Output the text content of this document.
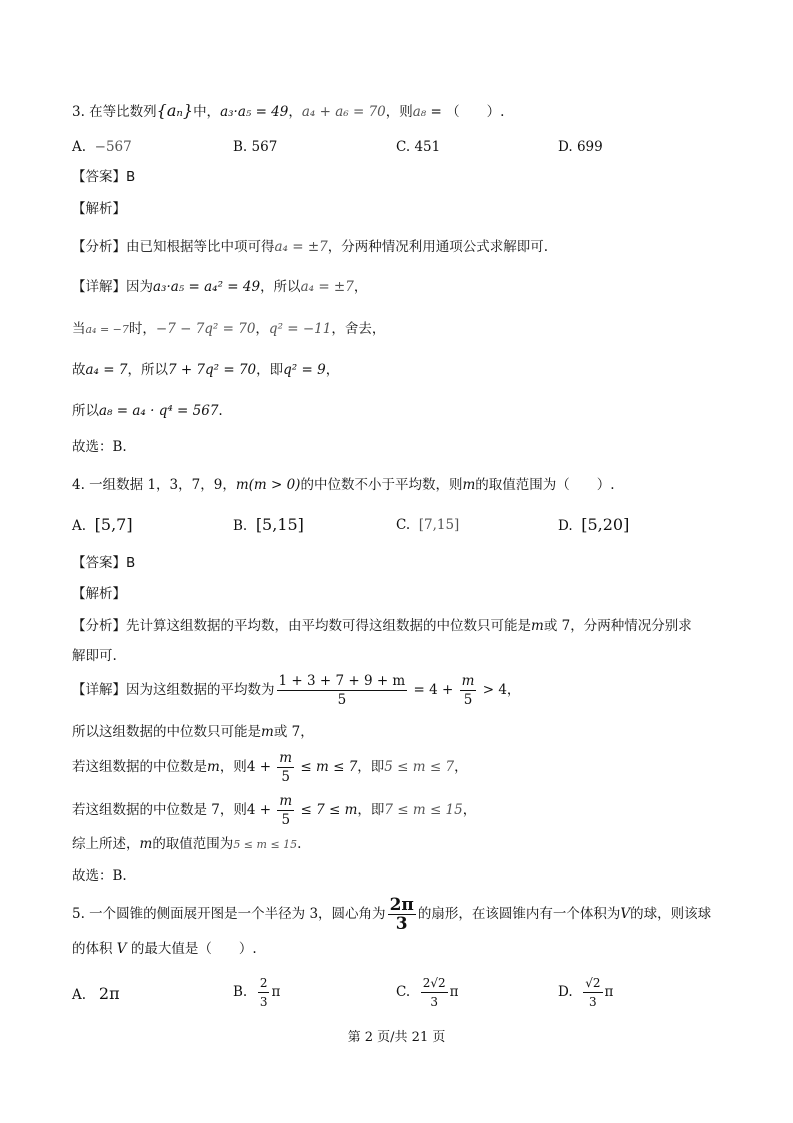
3. 在等比数列{aₙ}中，a₃·a₅ = 49，a₄ + a₆ = 70，则a₈ = （　　）.
A. −567	B. 567	C. 451	D. 699
【答案】B
【解析】
【分析】由已知根据等比中项可得a₄ = ±7，分两种情况利用通项公式求解即可.
【详解】因为a₃·a₅ = a₄² = 49，所以a₄ = ±7，
当a₄ = −7时，−7 − 7q² = 70，q² = −11，舍去，
故a₄ = 7，所以7 + 7q² = 70，即q² = 9，
所以a₈ = a₄ · q⁴ = 567.
故选：B.
4. 一组数据 1，3，7，9，m(m > 0)的中位数不小于平均数，则m的取值范围为（　　）.
A. [5,7]	B. [5,15]	C. [7,15]	D. [5,20]
【答案】B
【解析】
【分析】先计算这组数据的平均数，由平均数可得这组数据的中位数只可能是m或 7，分两种情况分别求
解即可.
【详解】因为这组数据的平均数为 $\frac{1 + 3 + 7 + 9 + m}{5} = 4 + \frac{m}{5} > 4$，
所以这组数据的中位数只可能是m或 7，
若这组数据的中位数是m，则$4 + \frac{m}{5} \le m \le 7$，即5 ≤ m ≤ 7，
若这组数据的中位数是 7，则$4 + \frac{m}{5} \le 7 \le m$，即7 ≤ m ≤ 15，
综上所述，m的取值范围为5 ≤ m ≤ 15.
故选：B.
5. 一个圆锥的侧面展开图是一个半径为 3，圆心角为 $\frac{2\pi}{3}$ 的扇形，在该圆锥内有一个体积为V的球，则该球
的体积 V 的最大值是（　　）.
A. 2π	B. $\frac{2}{3}$ π	C. $\frac{2√2}{3}$ π	D. $\frac{√2}{3}$ π
第 2 页/共 21 页
